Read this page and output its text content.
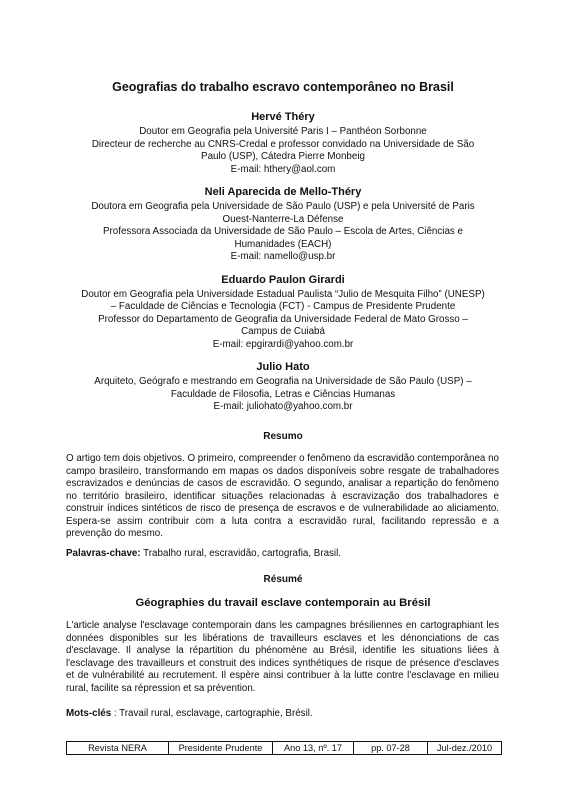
Geografias do trabalho escravo contemporâneo no Brasil
Hervé Théry
Doutor em Geografia pela Université Paris I – Panthéon Sorbonne
Directeur de recherche au CNRS-Credal e professor convidado na Universidade de São
Paulo (USP), Cátedra Pierre Monbeig
E-mail: hthery@aol.com
Neli Aparecida de Mello-Théry
Doutora em Geografia pela Universidade de São Paulo (USP) e pela Université de Paris
Ouest-Nanterre-La Défense
Professora Associada da Universidade de São Paulo – Escola de Artes, Ciências e
Humanidades (EACH)
E-mail: namello@usp.br
Eduardo Paulon Girardi
Doutor em Geografia pela Universidade Estadual Paulista “Julio de Mesquita Filho” (UNESP)
– Faculdade de Ciências e Tecnologia (FCT) - Campus de Presidente Prudente
Professor do Departamento de Geografia da Universidade Federal de Mato Grosso –
Campus de Cuiabá
E-mail: epgirardi@yahoo.com.br
Julio Hato
Arquiteto, Geógrafo e mestrando em Geografia na Universidade de São Paulo (USP) –
Faculdade de Filosofia, Letras e Ciências Humanas
E-mail: juliohato@yahoo.com.br
Resumo
O artigo tem dois objetivos. O primeiro, compreender o fenômeno da escravidão contemporânea no campo brasileiro, transformando em mapas os dados disponíveis sobre resgate de trabalhadores escravizados e denúncias de casos de escravidão. O segundo, analisar a repartição do fenômeno no território brasileiro, identificar situações relacionadas à escravização dos trabalhadores e construir índices sintéticos de risco de presença de escravos e de vulnerabilidade ao aliciamento. Espera-se assim contribuir com a luta contra a escravidão rural, facilitando repressão e a prevenção do mesmo.
Palavras-chave: Trabalho rural, escravidão, cartografia, Brasil.
Résumé
Géographies du travail esclave contemporain au Brésil
L'article analyse l'esclavage contemporain dans les campagnes brésiliennes en cartographiant les données disponibles sur les libérations de travailleurs esclaves et les dénonciations de cas d'esclavage. Il analyse la répartition du phénomène au Brésil, identifie les situations liées à l'esclavage des travailleurs et construit des indices synthétiques de risque de présence d'esclaves et de vulnérabilité au recrutement. Il espère ainsi contribuer à la lutte contre l'esclavage en milieu rural, facilite sa répression et sa prévention.
Mots-clés : Travail rural, esclavage, cartographie, Brésil.
Revista NERA	Presidente Prudente	Ano 13, nº. 17	pp. 07-28	Jul-dez./2010
